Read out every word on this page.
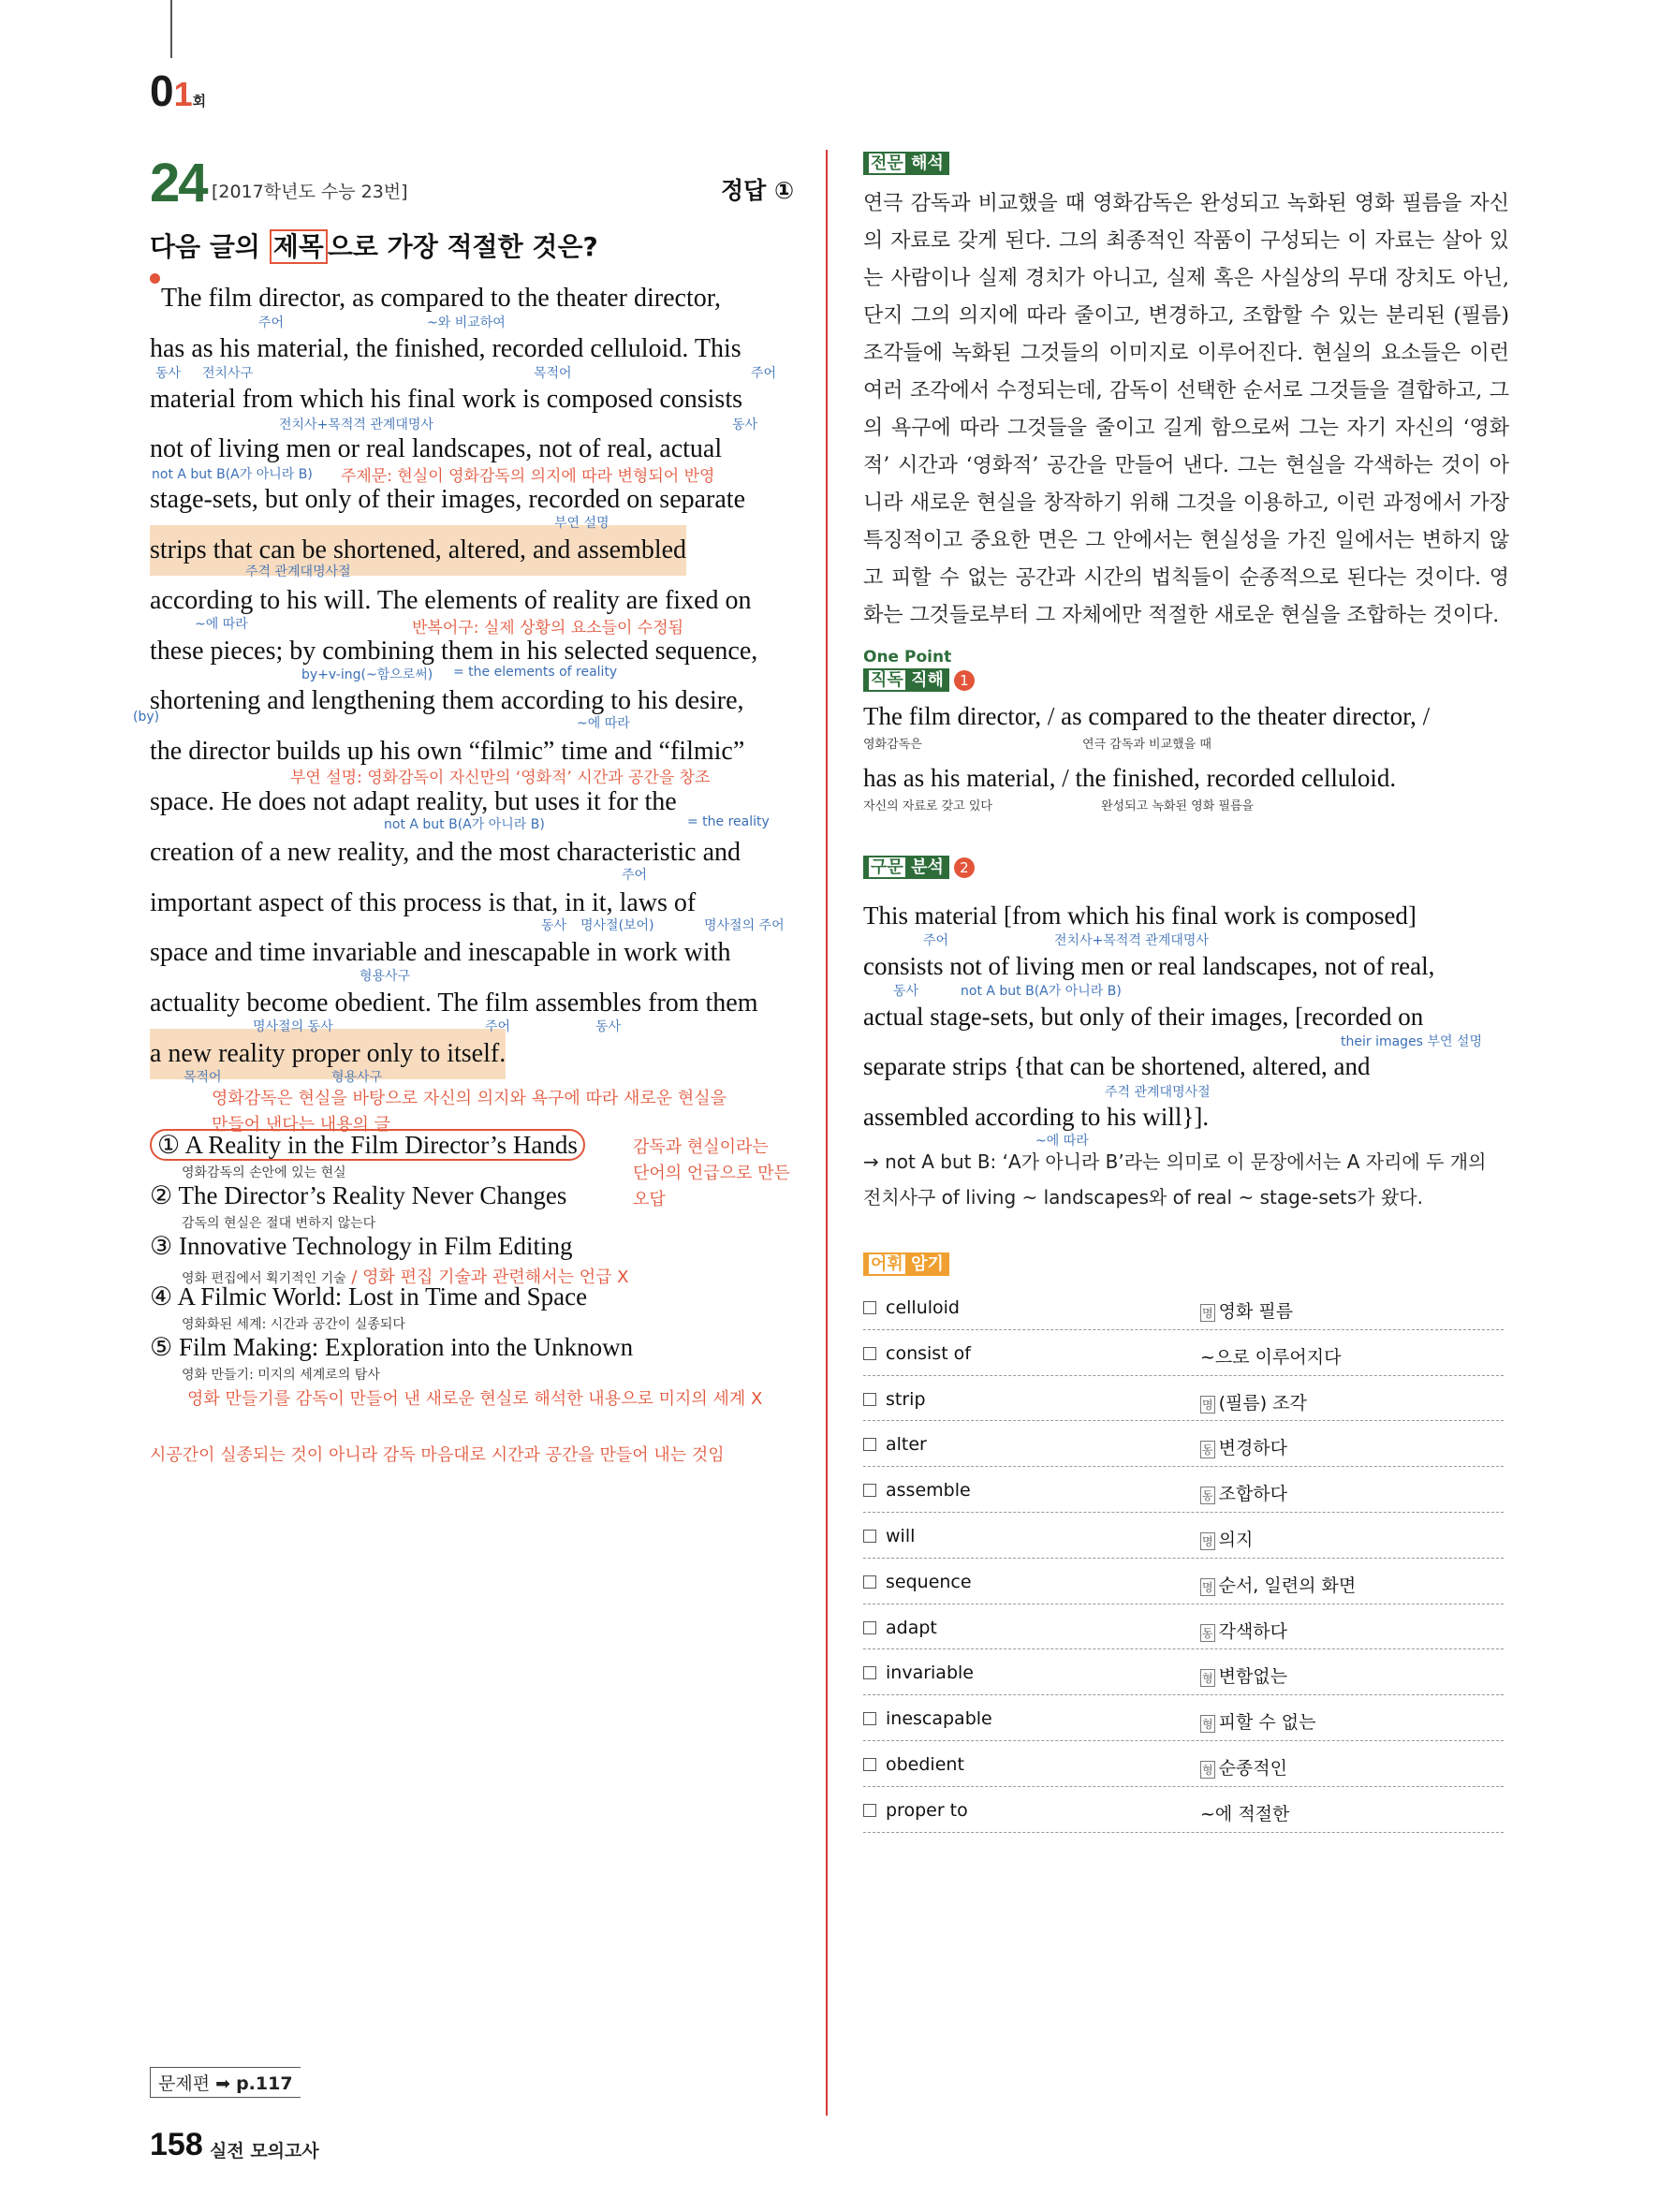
01회
24 [2017학년도 수능 23번]	정답 ①
다음 글의 제목 으로 가장 적절한 것은?
The film director, as compared to the theater director,
has as his material, the finished, recorded celluloid. This
material from which his final work is composed consists
not of living men or real landscapes, not of real, actual
stage-sets, but only of their images, recorded on separate
strips that can be shortened, altered, and assembled
according to his will. The elements of reality are fixed on
these pieces; by combining them in his selected sequence,
shortening and lengthening them according to his desire,
the director builds up his own “filmic” time and “filmic”
space. He does not adapt reality, but uses it for the
creation of a new reality, and the most characteristic and
important aspect of this process is that, in it, laws of
space and time invariable and inescapable in work with
actuality become obedient. The film assembles from them
a new reality proper only to itself.
주어	~와 비교하여
동사 전치사구	목적어	주어
전치사+목적격 관계대명사	동사
not A but B(A가 아니라 B) 주제문: 현실이 영화감독의 의지에 따라 변형되어 반영
부연 설명
주격 관계대명사절
~에 따라	반복어구: 실제 상황의 요소들이 수정됨
by+v-ing(~함으로써) = the elements of reality
(by)	~에 따라
부연 설명: 영화감독이 자신만의 ‘영화적’ 시간과 공간을 창조
not A but B(A가 아니라 B)	= the reality
주어
동사 명사절(보어)	명사절의 주어
형용사구
명사절의 동사	주어	동사
목적어	형용사구
영화감독은 현실을 바탕으로 자신의 의지와 욕구에 따라 새로운 현실을
만들어 낸다는 내용의 글
① A Reality in the Film Director’s Hands
영화감독의 손안에 있는 현실
② The Director’s Reality Never Changes
감독의 현실은 절대 변하지 않는다
③ Innovative Technology in Film Editing
영화 편집에서 획기적인 기술 / 영화 편집 기술과 관련해서는 언급 X
④ A Filmic World: Lost in Time and Space
영화화된 세계: 시간과 공간이 실종되다
⑤ Film Making: Exploration into the Unknown
영화 만들기: 미지의 세계로의 탐사
감독과 현실이라는
단어의 언급으로 만든
오답
영화 만들기를 감독이 만들어 낸 새로운 현실로 해석한 내용으로 미지의 세계 X
시공간이 실종되는 것이 아니라 감독 마음대로 시간과 공간을 만들어 내는 것임
전문 해석
연극 감독과 비교했을 때 영화감독은 완성되고 녹화된 영화 필름을 자신의 자료로 갖게 된다. 그의 최종적인 작품이 구성되는 이 자료는 살아 있는 사람이나 실제 경치가 아니고, 실제 혹은 사실상의 무대 장치도 아닌, 단지 그의 의지에 따라 줄이고, 변경하고, 조합할 수 있는 분리된 (필름) 조각들에 녹화된 그것들의 이미지로 이루어진다. 현실의 요소들은 이런 여러 조각에서 수정되는데, 감독이 선택한 순서로 그것들을 결합하고, 그의 욕구에 따라 그것들을 줄이고 길게 함으로써 그는 자기 자신의 ‘영화적’ 시간과 ‘영화적’ 공간을 만들어 낸다. 그는 현실을 각색하는 것이 아니라 새로운 현실을 창작하기 위해 그것을 이용하고, 이런 과정에서 가장 특징적이고 중요한 면은 그 안에서는 현실성을 가진 일에서는 변하지 않고 피할 수 없는 공간과 시간의 법칙들이 순종적으로 된다는 것이다. 영화는 그것들로부터 그 자체에만 적절한 새로운 현실을 조합하는 것이다.
One Point
직독 직해 1
The film director, / as compared to the theater director, /
영화감독은	연극 감독과 비교했을 때
has as his material, / the finished, recorded celluloid.
자신의 자료로 갖고 있다	완성되고 녹화된 영화 필름을
구문 분석 2
This material [from which his final work is composed]
consists not of living men or real landscapes, not of real,
actual stage-sets, but only of their images, [recorded on
separate strips {that can be shortened, altered, and
assembled according to his will}].
주어	전치사+목적격 관계대명사
동사	not A but B(A가 아니라 B)
their images 부연 설명
주격 관계대명사절
~에 따라
→ not A but B: ‘A가 아니라 B’라는 의미로 이 문장에서는 A 자리에 두 개의 전치사구 of living ~ landscapes와 of real ~ stage-sets가 왔다.
어휘 암기
celluloid	명 영화 필름
consist of	~으로 이루어지다
strip	명 (필름) 조각
alter	동 변경하다
assemble	동 조합하다
will	명 의지
sequence	명 순서, 일련의 화면
adapt	동 각색하다
invariable	형 변함없는
inescapable	형 피할 수 없는
obedient	형 순종적인
proper to	~에 적절한
문제편 ➡ p.117
158 실전 모의고사
